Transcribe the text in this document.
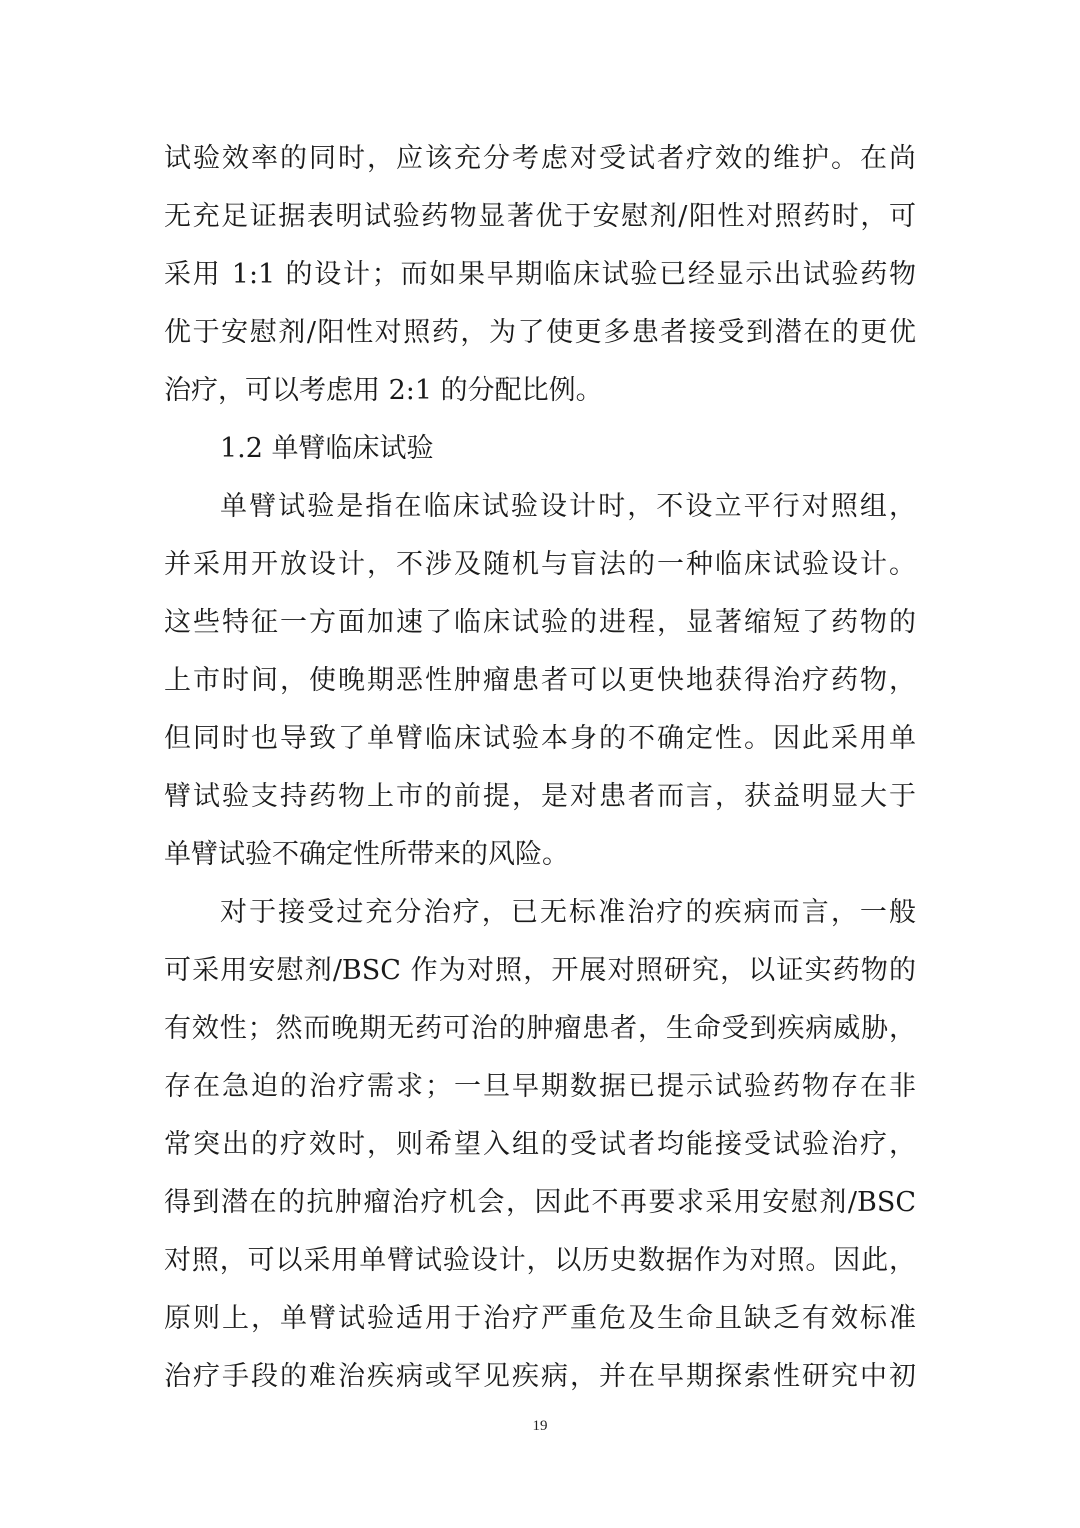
试验效率的同时，应该充分考虑对受试者疗效的维护。在尚
无充足证据表明试验药物显著优于安慰剂/阳性对照药时，可
采用 1:1 的设计；而如果早期临床试验已经显示出试验药物
优于安慰剂/阳性对照药，为了使更多患者接受到潜在的更优
治疗，可以考虑用 2:1 的分配比例。
1.2 单臂临床试验
单臂试验是指在临床试验设计时，不设立平行对照组，
并采用开放设计，不涉及随机与盲法的一种临床试验设计。
这些特征一方面加速了临床试验的进程，显著缩短了药物的
上市时间，使晚期恶性肿瘤患者可以更快地获得治疗药物，
但同时也导致了单臂临床试验本身的不确定性。因此采用单
臂试验支持药物上市的前提，是对患者而言，获益明显大于
单臂试验不确定性所带来的风险。
对于接受过充分治疗，已无标准治疗的疾病而言，一般
可采用安慰剂/BSC 作为对照，开展对照研究，以证实药物的
有效性；然而晚期无药可治的肿瘤患者，生命受到疾病威胁，
存在急迫的治疗需求；一旦早期数据已提示试验药物存在非
常突出的疗效时，则希望入组的受试者均能接受试验治疗，
得到潜在的抗肿瘤治疗机会，因此不再要求采用安慰剂/BSC
对照，可以采用单臂试验设计，以历史数据作为对照。因此，
原则上，单臂试验适用于治疗严重危及生命且缺乏有效标准
治疗手段的难治疾病或罕见疾病，并在早期探索性研究中初
19
